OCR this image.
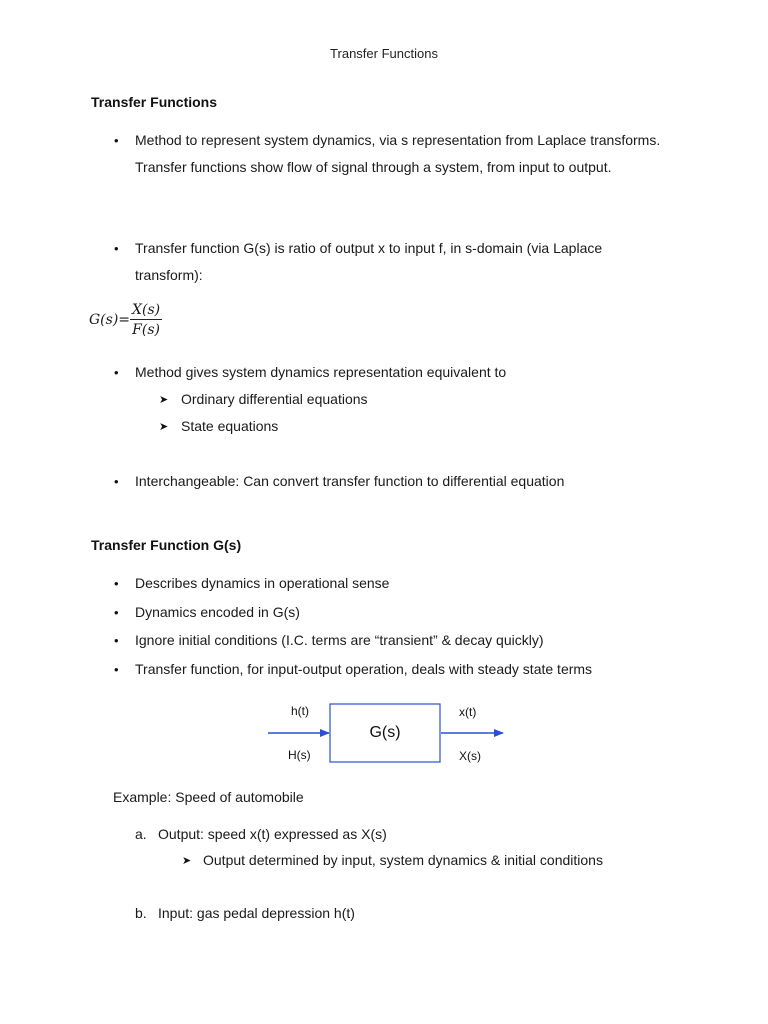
Transfer Functions
Transfer Functions
• Method to represent system dynamics, via s representation from Laplace transforms. Transfer functions show flow of signal through a system, from input to output.
• Transfer function G(s) is ratio of output x to input f, in s-domain (via Laplace transform):
$G(s)= \frac{X(s)}{F(s)}$
• Method gives system dynamics representation equivalent to
➤ Ordinary differential equations
➤ State equations
• Interchangeable: Can convert transfer function to differential equation
Transfer Function G(s)
• Describes dynamics in operational sense
• Dynamics encoded in G(s)
• Ignore initial conditions (I.C. terms are “transient” & decay quickly)
• Transfer function, for input-output operation, deals with steady state terms
h(t)
H(s)
G(s)
x(t)
X(s)
Example: Speed of automobile
a. Output: speed x(t) expressed as X(s)
➤ Output determined by input, system dynamics & initial conditions
b. Input: gas pedal depression h(t)
